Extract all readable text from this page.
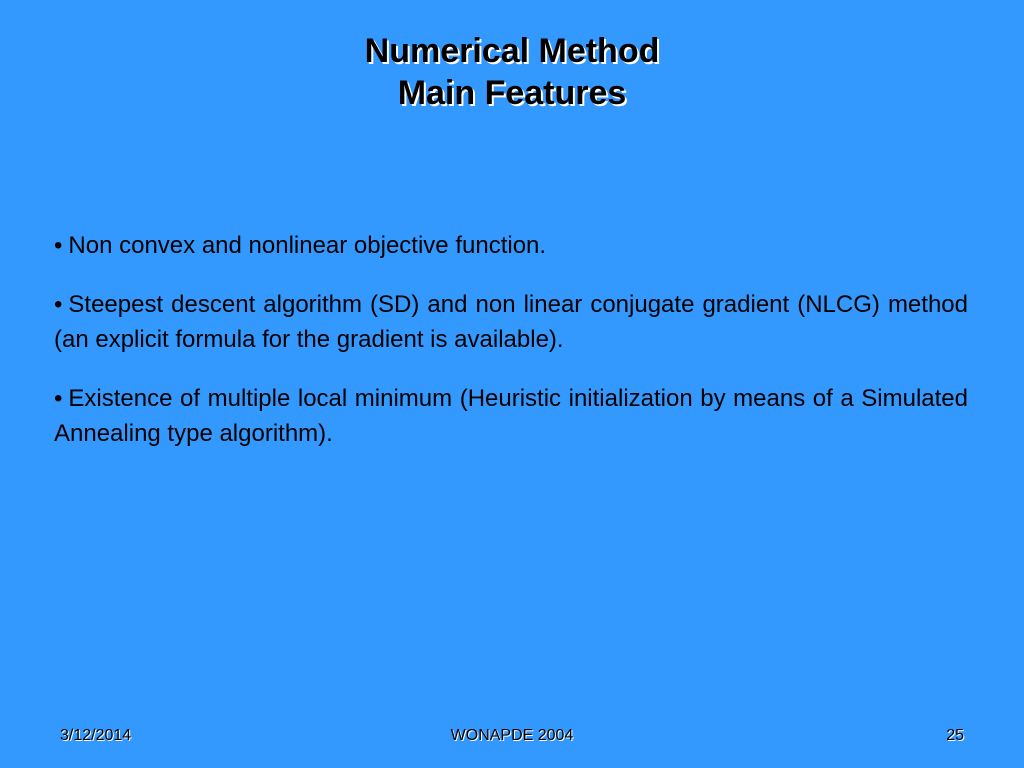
Numerical Method
Main Features

• Non convex and nonlinear objective function.

• Steepest descent algorithm (SD) and non linear conjugate gradient (NLCG) method (an explicit formula for the gradient is available).

• Existence of multiple local minimum (Heuristic initialization by means of a Simulated Annealing type algorithm).

3/12/2014	WONAPDE 2004	25
